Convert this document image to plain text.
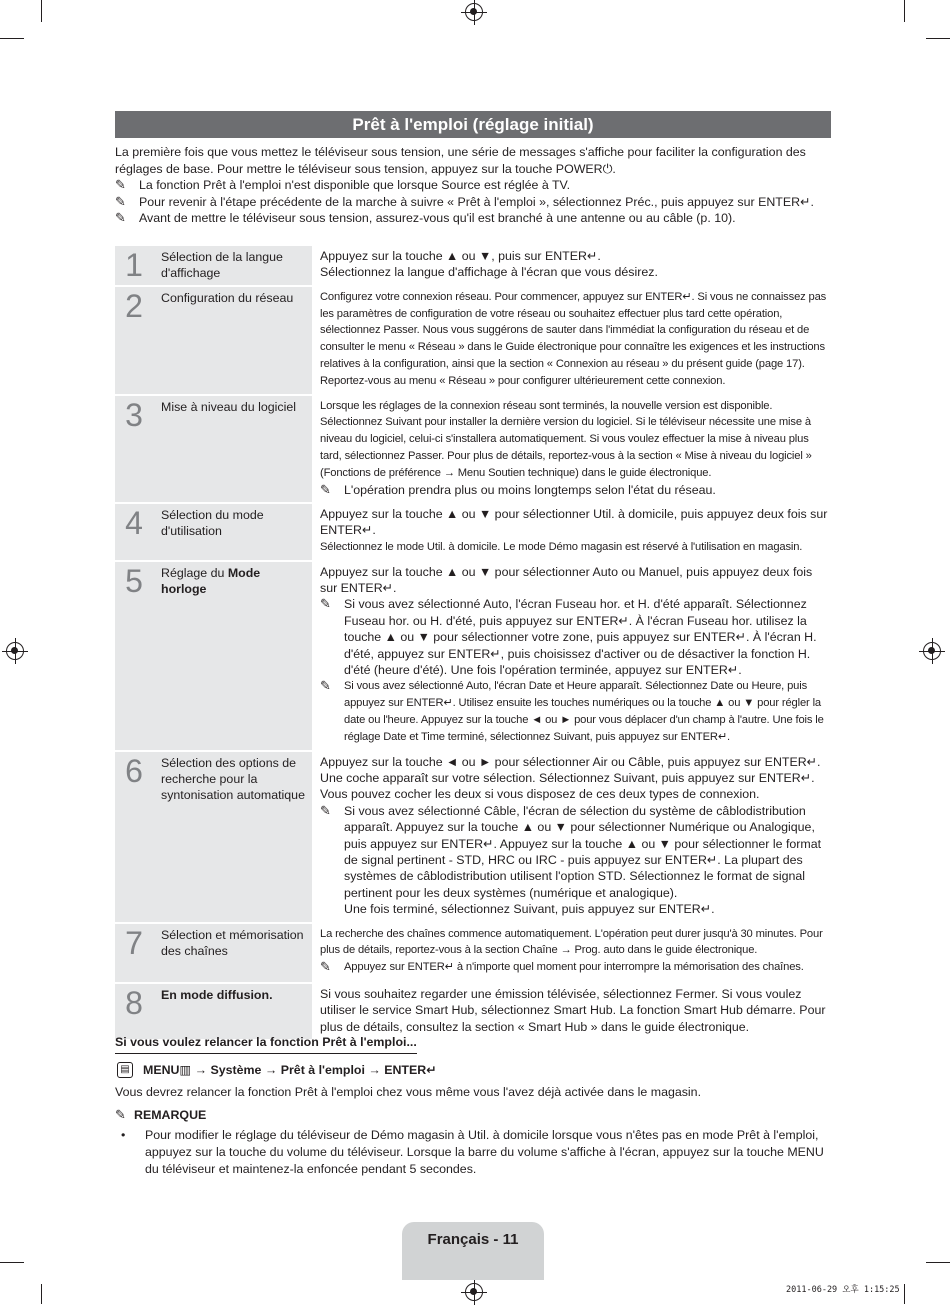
Prêt à l'emploi (réglage initial)

La première fois que vous mettez le téléviseur sous tension, une série de messages s'affiche pour faciliter la configuration des réglages de base. Pour mettre le téléviseur sous tension, appuyez sur la touche POWER⏻.

✎	La fonction Prêt à l'emploi n'est disponible que lorsque Source est réglée à TV.
✎	Pour revenir à l'étape précédente de la marche à suivre « Prêt à l'emploi », sélectionnez Préc., puis appuyez sur ENTER↵.
✎	Avant de mettre le téléviseur sous tension, assurez-vous qu'il est branché à une antenne ou au câble (p. 10).
1	Sélection de la langue d'affichage		Appuyez sur la touche ▲ ou ▼, puis sur ENTER↵.

Sélectionnez la langue d'affichage à l'écran que vous désirez.

2	Configuration du réseau		Configurez votre connexion réseau. Pour commencer, appuyez sur ENTER↵. Si vous ne connaissez pas les paramètres de configuration de votre réseau ou souhaitez effectuer plus tard cette opération, sélectionnez Passer. Nous vous suggérons de sauter dans l'immédiat la configuration du réseau et de consulter le menu « Réseau » dans le Guide électronique pour connaître les exigences et les instructions relatives à la configuration, ainsi que la section « Connexion au réseau » du présent guide (page 17). Reportez-vous au menu « Réseau » pour configurer ultérieurement cette connexion.

3	Mise à niveau du logiciel		Lorsque les réglages de la connexion réseau sont terminés, la nouvelle version est disponible. Sélectionnez Suivant pour installer la dernière version du logiciel. Si le téléviseur nécessite une mise à niveau du logiciel, celui-ci s'installera automatiquement. Si vous voulez effectuer la mise à niveau plus tard, sélectionnez Passer. Pour plus de détails, reportez-vous à la section « Mise à niveau du logiciel » (Fonctions de préférence → Menu Soutien technique) dans le guide électronique.

✎ L'opération prendra plus ou moins longtemps selon l'état du réseau.

4	Sélection du mode d'utilisation		Appuyez sur la touche ▲ ou ▼ pour sélectionner Util. à domicile, puis appuyez deux fois sur ENTER↵.

Sélectionnez le mode Util. à domicile. Le mode Démo magasin est réservé à l'utilisation en magasin.

5	Réglage du Mode horloge		Appuyez sur la touche ▲ ou ▼ pour sélectionner Auto ou Manuel, puis appuyez deux fois sur ENTER↵.

✎ Si vous avez sélectionné Auto, l'écran Fuseau hor. et H. d'été apparaît. Sélectionnez Fuseau hor. ou H. d'été, puis appuyez sur ENTER↵. À l'écran Fuseau hor. utilisez la touche ▲ ou ▼ pour sélectionner votre zone, puis appuyez sur ENTER↵. À l'écran H. d'été, appuyez sur ENTER↵, puis choisissez d'activer ou de désactiver la fonction H. d'été (heure d'été). Une fois l'opération terminée, appuyez sur ENTER↵.
✎ Si vous avez sélectionné Auto, l'écran Date et Heure apparaît. Sélectionnez Date ou Heure, puis appuyez sur ENTER↵. Utilisez ensuite les touches numériques ou la touche ▲ ou ▼ pour régler la date ou l'heure. Appuyez sur la touche ◄ ou ► pour vous déplacer d'un champ à l'autre. Une fois le réglage Date et Time terminé, sélectionnez Suivant, puis appuyez sur ENTER↵.

6	Sélection des options de recherche pour la syntonisation automatique		Appuyez sur la touche ◄ ou ► pour sélectionner Air ou Câble, puis appuyez sur ENTER↵. Une coche apparaît sur votre sélection. Sélectionnez Suivant, puis appuyez sur ENTER↵. Vous pouvez cocher les deux si vous disposez de ces deux types de connexion.

✎ Si vous avez sélectionné Câble, l'écran de sélection du système de câblodistribution apparaît. Appuyez sur la touche ▲ ou ▼ pour sélectionner Numérique ou Analogique, puis appuyez sur ENTER↵. Appuyez sur la touche ▲ ou ▼ pour sélectionner le format de signal pertinent - STD, HRC ou IRC - puis appuyez sur ENTER↵. La plupart des systèmes de câblodistribution utilisent l'option STD. Sélectionnez le format de signal pertinent pour les deux systèmes (numérique et analogique).

Une fois terminé, sélectionnez Suivant, puis appuyez sur ENTER↵.

7	Sélection et mémorisation des chaînes		La recherche des chaînes commence automatiquement. L'opération peut durer jusqu'à 30 minutes. Pour plus de détails, reportez-vous à la section Chaîne → Prog. auto dans le guide électronique.

✎ Appuyez sur ENTER↵ à n'importe quel moment pour interrompre la mémorisation des chaînes.

8	En mode diffusion.		Si vous souhaitez regarder une émission télévisée, sélectionnez Fermer. Si vous voulez utiliser le service Smart Hub, sélectionnez Smart Hub. La fonction Smart Hub démarre. Pour plus de détails, consultez la section « Smart Hub » dans le guide électronique.

Si vous voulez relancer la fonction Prêt à l'emploi...
▤ MENU▥ → Système → Prêt à l'emploi → ENTER↵
Vous devrez relancer la fonction Prêt à l'emploi chez vous même vous l'avez déjà activée dans le magasin.
✎ REMARQUE
•	Pour modifier le réglage du téléviseur de Démo magasin à Util. à domicile lorsque vous n'êtes pas en mode Prêt à l'emploi, appuyez sur la touche du volume du téléviseur. Lorsque la barre du volume s'affiche à l'écran, appuyez sur la touche MENU du téléviseur et maintenez-la enfoncée pendant 5 secondes.
Français - 11
2011-06-29 오후 1:15:25
